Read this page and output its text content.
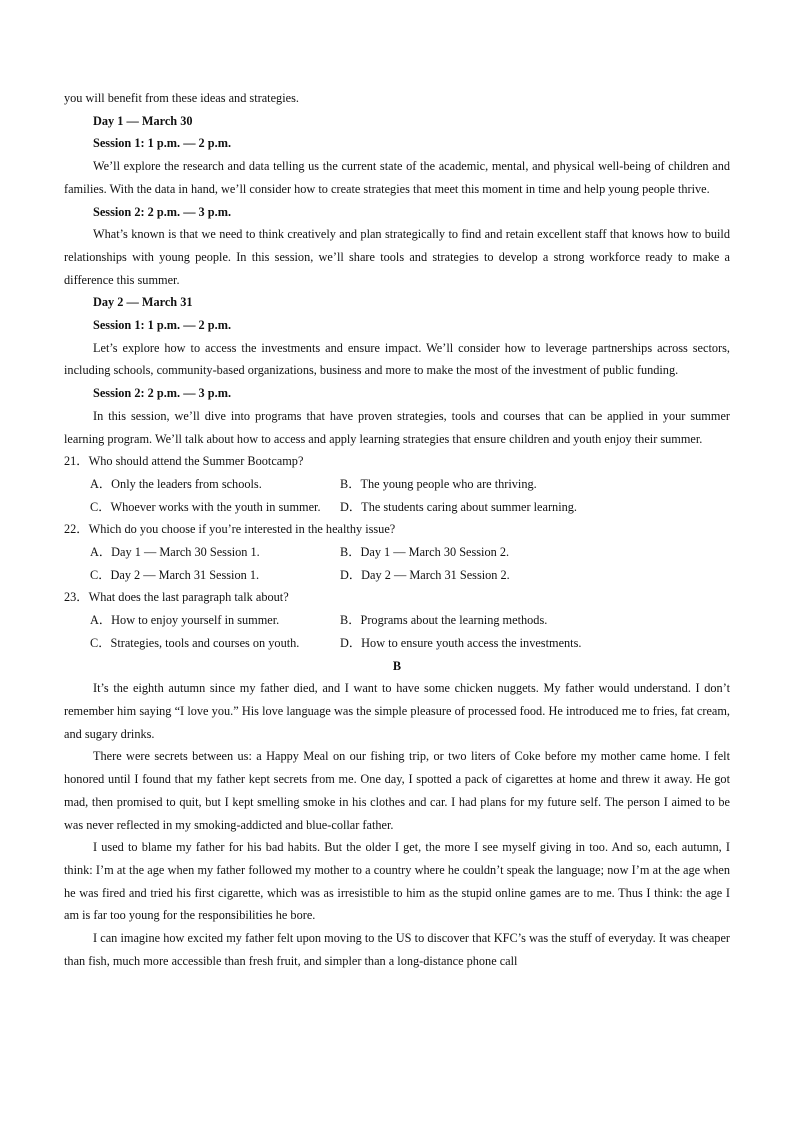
you will benefit from these ideas and strategies.

Day 1 — March 30

Session 1: 1 p.m. — 2 p.m.

We’ll explore the research and data telling us the current state of the academic, mental, and physical well-being of children and families. With the data in hand, we’ll consider how to create strategies that meet this moment in time and help young people thrive.

Session 2: 2 p.m. — 3 p.m.

What’s known is that we need to think creatively and plan strategically to find and retain excellent staff that knows how to build relationships with young people. In this session, we’ll share tools and strategies to develop a strong workforce ready to make a difference this summer.

Day 2 — March 31

Session 1: 1 p.m. — 2 p.m.

Let’s explore how to access the investments and ensure impact. We’ll consider how to leverage partnerships across sectors, including schools, community-based organizations, business and more to make the most of the investment of public funding.

Session 2: 2 p.m. — 3 p.m.

In this session, we’ll dive into programs that have proven strategies, tools and courses that can be applied in your summer learning program. We’ll talk about how to access and apply learning strategies that ensure children and youth enjoy their summer.

21．Who should attend the Summer Bootcamp?

A．Only the leaders from schools.	B．The young people who are thriving.
C．Whoever works with the youth in summer.	D．The students caring about summer learning.

22．Which do you choose if you’re interested in the healthy issue?

A．Day 1 — March 30 Session 1.	B．Day 1 — March 30 Session 2.
C．Day 2 — March 31 Session 1.	D．Day 2 — March 31 Session 2.

23．What does the last paragraph talk about?

A．How to enjoy yourself in summer.	B．Programs about the learning methods.
C．Strategies, tools and courses on youth.	D．How to ensure youth access the investments.

B

It’s the eighth autumn since my father died, and I want to have some chicken nuggets. My father would understand. I don’t remember him saying “I love you.” His love language was the simple pleasure of processed food. He introduced me to fries, fat cream, and sugary drinks.

There were secrets between us: a Happy Meal on our fishing trip, or two liters of Coke before my mother came home. I felt honored until I found that my father kept secrets from me. One day, I spotted a pack of cigarettes at home and threw it away. He got mad, then promised to quit, but I kept smelling smoke in his clothes and car. I had plans for my future self. The person I aimed to be was never reflected in my smoking-addicted and blue-collar father.

I used to blame my father for his bad habits. But the older I get, the more I see myself giving in too. And so, each autumn, I think: I’m at the age when my father followed my mother to a country where he couldn’t speak the language; now I’m at the age when he was fired and tried his first cigarette, which was as irresistible to him as the stupid online games are to me. Thus I think: the age I am is far too young for the responsibilities he bore.

I can imagine how excited my father felt upon moving to the US to discover that KFC’s was the stuff of everyday. It was cheaper than fish, much more accessible than fresh fruit, and simpler than a long-distance phone call
